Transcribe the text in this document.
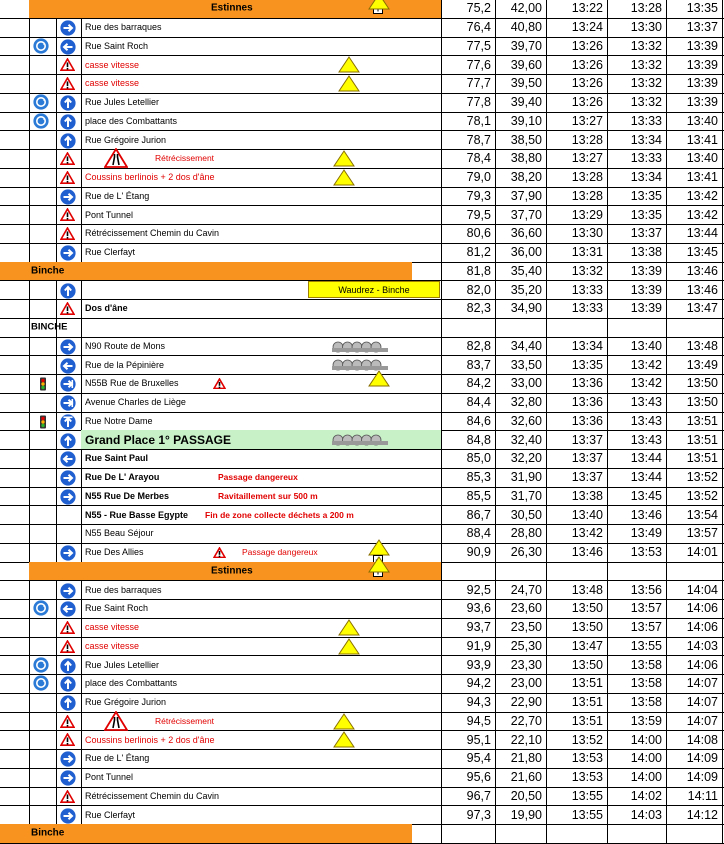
Estinnes	75,2	42,00	13:22	13:28	13:35
Rue des barraques	76,4	40,80	13:24	13:30	13:37
Rue Saint Roch	77,5	39,70	13:26	13:32	13:39
casse vitesse	77,6	39,60	13:26	13:32	13:39
casse vitesse	77,7	39,50	13:26	13:32	13:39
Rue Jules Letellier	77,8	39,40	13:26	13:32	13:39
place des Combattants	78,1	39,10	13:27	13:33	13:40
Rue Grégoire Jurion	78,7	38,50	13:28	13:34	13:41
Rétrécissement	78,4	38,80	13:27	13:33	13:40
Coussins berlinois + 2 dos d'âne	79,0	38,20	13:28	13:34	13:41
Rue de L' Étang	79,3	37,90	13:28	13:35	13:42
Pont Tunnel	79,5	37,70	13:29	13:35	13:42
Rétrécissement Chemin du Cavin	80,6	36,60	13:30	13:37	13:44
Rue Clerfayt	81,2	36,00	13:31	13:38	13:45
Binche	81,8	35,40	13:32	13:39	13:46
Waudrez - Binche	82,0	35,20	13:33	13:39	13:46
Dos d'âne	82,3	34,90	13:33	13:39	13:47
BINCHE
N90 Route de Mons	82,8	34,40	13:34	13:40	13:48
Rue de la Pépinière	83,7	33,50	13:35	13:42	13:49
N55B Rue de Bruxelles	84,2	33,00	13:36	13:42	13:50
Avenue Charles de Liège	84,4	32,80	13:36	13:43	13:50
Rue Notre Dame	84,6	32,60	13:36	13:43	13:51
Grand Place 1° PASSAGE	84,8	32,40	13:37	13:43	13:51
Rue Saint Paul	85,0	32,20	13:37	13:44	13:51
Rue De L' Arayou	Passage dangereux	85,3	31,90	13:37	13:44	13:52
N55 Rue De Merbes	Ravitaillement sur 500 m	85,5	31,70	13:38	13:45	13:52
N55 - Rue Basse Egypte Fin de zone collecte déchets a 200 m	86,7	30,50	13:40	13:46	13:54
N55 Beau Séjour	88,4	28,80	13:42	13:49	13:57
Rue Des Allies	Passage dangereux	90,9	26,30	13:46	13:53	14:01
Estinnes
Rue des barraques	92,5	24,70	13:48	13:56	14:04
Rue Saint Roch	93,6	23,60	13:50	13:57	14:06
casse vitesse	93,7	23,50	13:50	13:57	14:06
casse vitesse	91,9	25,30	13:47	13:55	14:03
Rue Jules Letellier	93,9	23,30	13:50	13:58	14:06
place des Combattants	94,2	23,00	13:51	13:58	14:07
Rue Grégoire Jurion	94,3	22,90	13:51	13:58	14:07
Rétrécissement	94,5	22,70	13:51	13:59	14:07
Coussins berlinois + 2 dos d'âne	95,1	22,10	13:52	14:00	14:08
Rue de L' Étang	95,4	21,80	13:53	14:00	14:09
Pont Tunnel	95,6	21,60	13:53	14:00	14:09
Rétrécissement Chemin du Cavin	96,7	20,50	13:55	14:02	14:11
Rue Clerfayt	97,3	19,90	13:55	14:03	14:12
Binche
